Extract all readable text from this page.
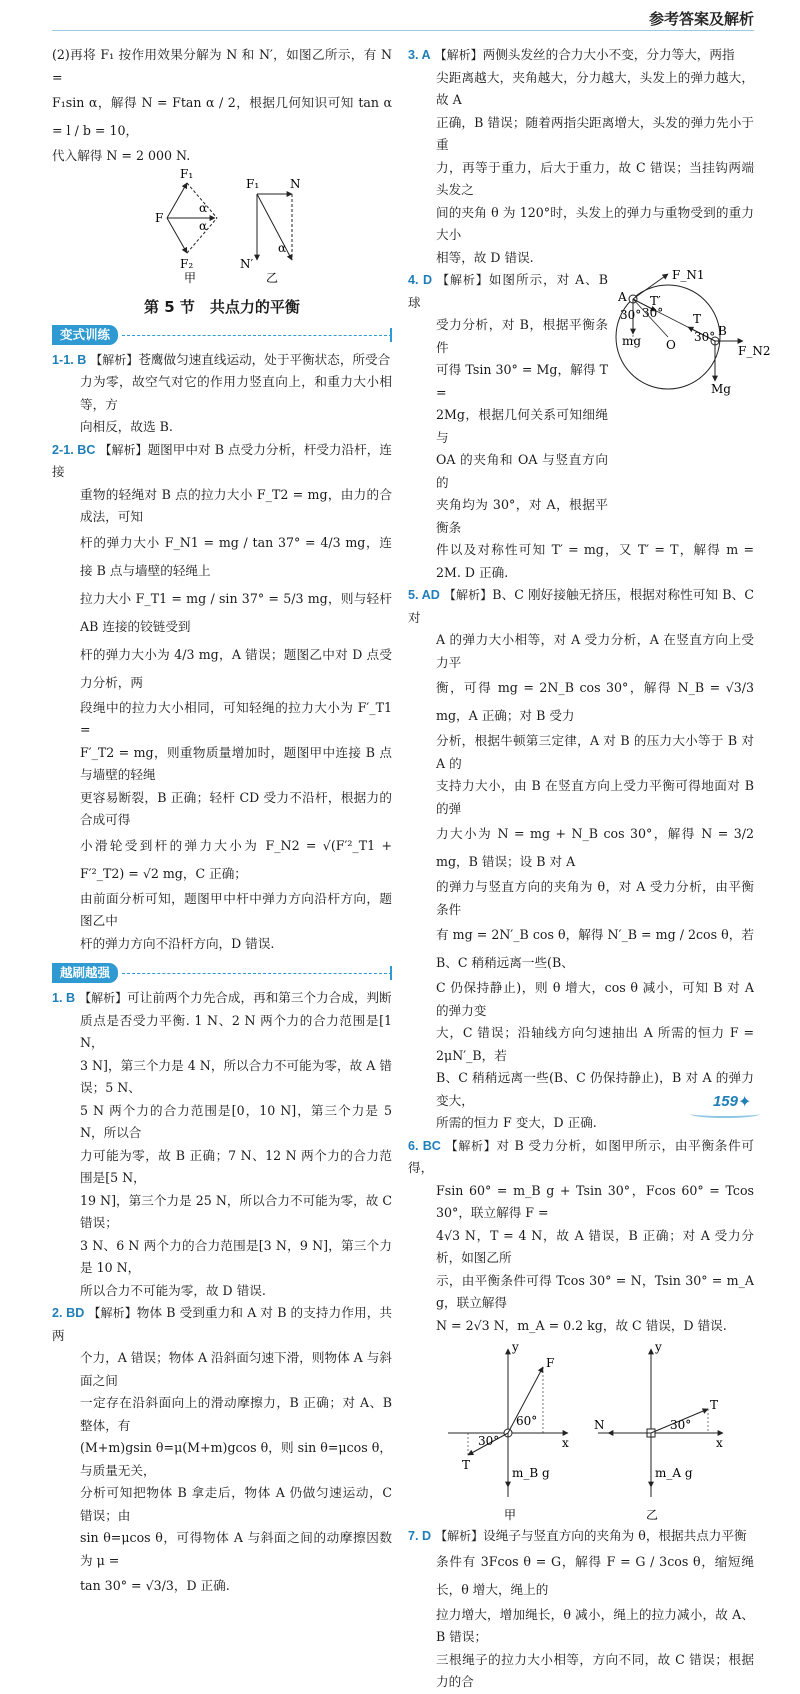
参考答案及解析

(2)再将 F₁ 按作用效果分解为 N 和 N′，如图乙所示，有 N =

F₁sin α，解得 N = Ftan α / 2，根据几何知识可知 tan α = l / b = 10，

代入解得 N = 2 000 N.

F₁
F₂
F
α
α
甲
F₁	N
N′
α
乙
第 5 节　共点力的平衡
变式训练

1-1. B 【解析】苍鹰做匀速直线运动，处于平衡状态，所受合

力为零，故空气对它的作用力竖直向上，和重力大小相等，方

向相反，故选 B.

2-1. BC 【解析】题图甲中对 B 点受力分析，杆受力沿杆，连接

重物的轻绳对 B 点的拉力大小 F_T2 = mg，由力的合成法，可知

杆的弹力大小 F_N1 = mg / tan 37° = 4/3 mg，连接 B 点与墙壁的轻绳上

拉力大小 F_T1 = mg / sin 37° = 5/3 mg，则与轻杆 AB 连接的铰链受到

杆的弹力大小为 4/3 mg，A 错误；题图乙中对 D 点受力分析，两

段绳中的拉力大小相同，可知轻绳的拉力大小为 F′_T1 =

F′_T2 = mg，则重物质量增加时，题图甲中连接 B 点与墙壁的轻绳

更容易断裂，B 正确；轻杆 CD 受力不沿杆，根据力的合成可得

小滑轮受到杆的弹力大小为 F_N2 = √(F′²_T1 + F′²_T2) = √2 mg，C 正确；

由前面分析可知，题图甲中杆中弹力方向沿杆方向，题图乙中

杆的弹力方向不沿杆方向，D 错误.

越刷越强

1. B 【解析】可让前两个力先合成，再和第三个力合成，判断

质点是否受力平衡. 1 N、2 N 两个力的合力范围是[1 N，

3 N]，第三个力是 4 N，所以合力不可能为零，故 A 错误；5 N、

5 N 两个力的合力范围是[0，10 N]，第三个力是 5 N，所以合

力可能为零，故 B 正确；7 N、12 N 两个力的合力范围是[5 N，

19 N]，第三个力是 25 N，所以合力不可能为零，故 C 错误；

3 N、6 N 两个力的合力范围是[3 N，9 N]，第三个力是 10 N，

所以合力不可能为零，故 D 错误.

2. BD 【解析】物体 B 受到重力和 A 对 B 的支持力作用，共两

个力，A 错误；物体 A 沿斜面匀速下滑，则物体 A 与斜面之间

一定存在沿斜面向上的滑动摩擦力，B 正确；对 A、B 整体，有

(M+m)gsin θ=μ(M+m)gcos θ，则 sin θ=μcos θ，与质量无关，

分析可知把物体 B 拿走后，物体 A 仍做匀速运动，C 错误；由

sin θ=μcos θ，可得物体 A 与斜面之间的动摩擦因数为 μ =

tan 30° = √3/3，D 正确.

3. A 【解析】两侧头发丝的合力大小不变，分力等大，两指

尖距离越大，夹角越大，分力越大，头发上的弹力越大，故 A

正确，B 错误；随着两指尖距离增大，头发的弹力先小于重

力，再等于重力，后大于重力，故 C 错误；当挂钩两端头发之

间的夹角 θ 为 120°时，头发上的弹力与重物受到的重力大小

相等，故 D 错误.

4. D 【解析】如图所示，对 A、B 球

受力分析，对 B，根据平衡条件

可得 Tsin 30° = Mg，解得 T =

2Mg，根据几何关系可知细绳与

OA 的夹角和 OA 与竖直方向的

夹角均为 30°，对 A，根据平衡条

件以及对称性可知 T′ = mg，又 T′ = T，解得 m = 2M. D 正确.

F_N1
F_N2
A
B
O
T
T′
30° 30°
30°
mg
Mg

5. AD 【解析】B、C 刚好接触无挤压，根据对称性可知 B、C 对

A 的弹力大小相等，对 A 受力分析，A 在竖直方向上受力平

衡，可得 mg = 2N_B cos 30°，解得 N_B = √3/3 mg，A 正确；对 B 受力

分析，根据牛顿第三定律，A 对 B 的压力大小等于 B 对 A 的

支持力大小，由 B 在竖直方向上受力平衡可得地面对 B 的弹

力大小为 N = mg + N_B cos 30°，解得 N = 3/2 mg，B 错误；设 B 对 A

的弹力与竖直方向的夹角为 θ，对 A 受力分析，由平衡条件

有 mg = 2N′_B cos θ，解得 N′_B = mg / 2cos θ，若 B、C 稍稍远离一些(B、

C 仍保持静止)，则 θ 增大，cos θ 减小，可知 B 对 A 的弹力变

大，C 错误；沿轴线方向匀速抽出 A 所需的恒力 F = 2μN′_B，若

B、C 稍稍远离一些(B、C 仍保持静止)，B 对 A 的弹力变大，

所需的恒力 F 变大，D 正确.

6. BC 【解析】对 B 受力分析，如图甲所示，由平衡条件可得，

Fsin 60° = m_B g + Tsin 30°，Fcos 60° = Tcos 30°，联立解得 F =

4√3 N，T = 4 N，故 A 错误，B 正确；对 A 受力分析，如图乙所

示，由平衡条件可得 Tcos 30° = N，Tsin 30° = m_A g，联立解得

N = 2√3 N，m_A = 0.2 kg，故 C 错误，D 错误.

y
x
F
T
60°
30°
m_B g
甲
y
x
N
T
30°
m_A g
乙

7. D 【解析】设绳子与竖直方向的夹角为 θ，根据共点力平衡

条件有 3Fcos θ = G，解得 F = G / 3cos θ，缩短绳长，θ 增大，绳上的

拉力增大，增加绳长，θ 减小，绳上的拉力减小，故 A、B 错误；

三根绳子的拉力大小相等，方向不同，故 C 错误；根据力的合

159 ✦
